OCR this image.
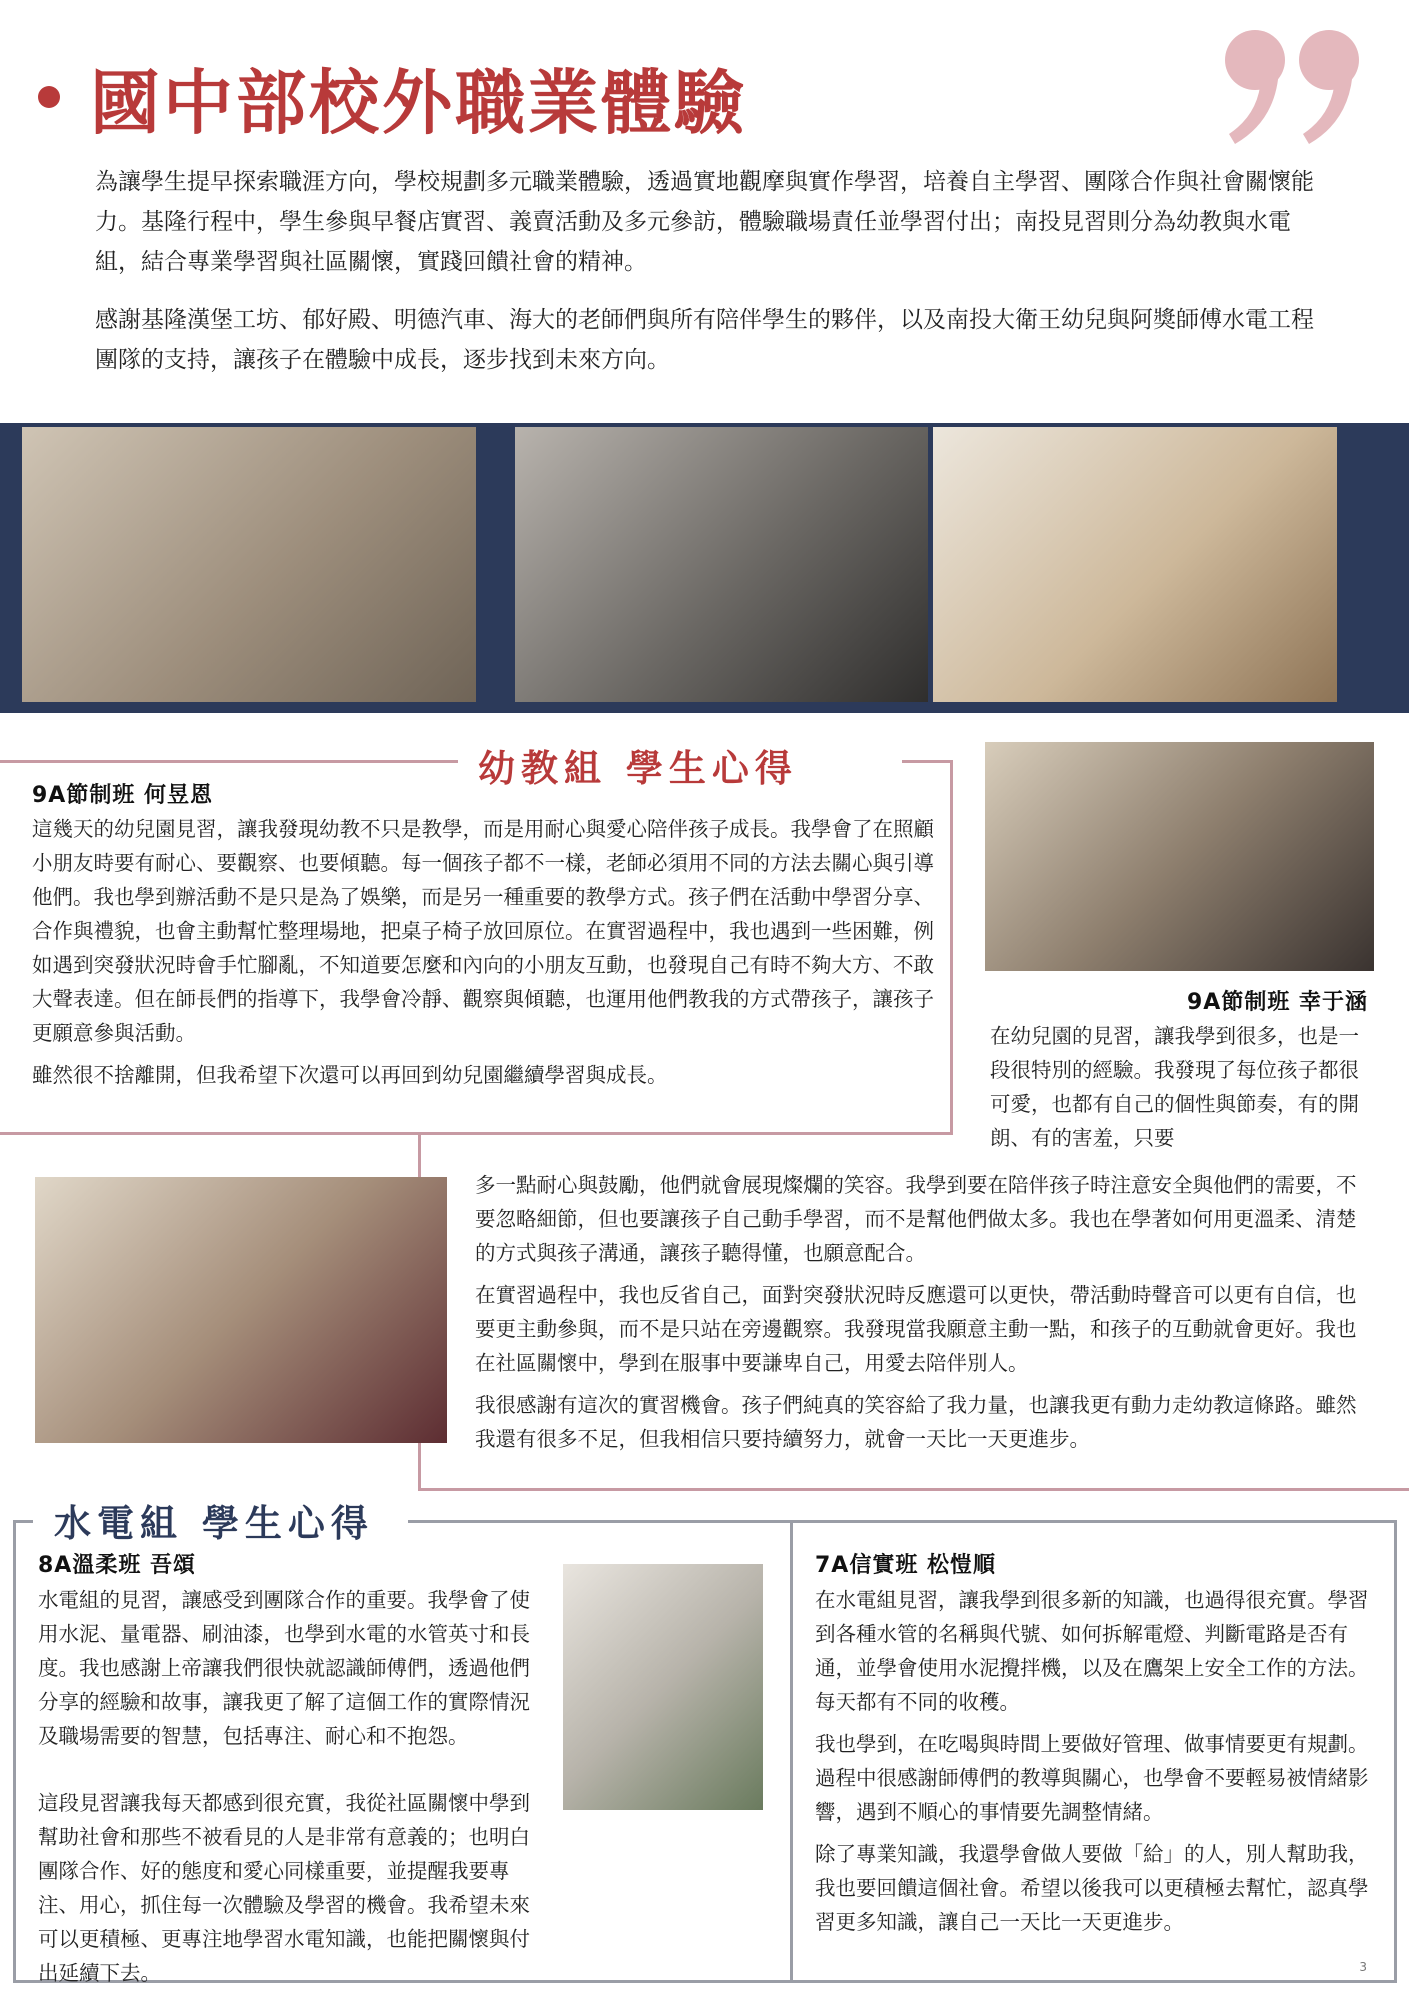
國中部校外職業體驗

為讓學生提早探索職涯方向，學校規劃多元職業體驗，透過實地觀摩與實作學習，培養自主學習、團隊合作與社會關懷能力。基隆行程中，學生參與早餐店實習、義賣活動及多元參訪，體驗職場責任並學習付出；南投見習則分為幼教與水電組，結合專業學習與社區關懷，實踐回饋社會的精神。

感謝基隆漢堡工坊、郁好殿、明德汽車、海大的老師們與所有陪伴學生的夥伴，以及南投大衛王幼兒與阿獎師傅水電工程團隊的支持，讓孩子在體驗中成長，逐步找到未來方向。

幼教組 學生心得
9A節制班 何昱恩

這幾天的幼兒園見習，讓我發現幼教不只是教學，而是用耐心與愛心陪伴孩子成長。我學會了在照顧小朋友時要有耐心、要觀察、也要傾聽。每一個孩子都不一樣，老師必須用不同的方法去關心與引導他們。我也學到辦活動不是只是為了娛樂，而是另一種重要的教學方式。孩子們在活動中學習分享、合作與禮貌，也會主動幫忙整理場地，把桌子椅子放回原位。在實習過程中，我也遇到一些困難，例如遇到突發狀況時會手忙腳亂，不知道要怎麼和內向的小朋友互動，也發現自己有時不夠大方、不敢大聲表達。但在師長們的指導下，我學會冷靜、觀察與傾聽，也運用他們教我的方式帶孩子，讓孩子更願意參與活動。

雖然很不捨離開，但我希望下次還可以再回到幼兒園繼續學習與成長。

9A節制班 幸于涵

在幼兒園的見習，讓我學到很多，也是一段很特別的經驗。我發現了每位孩子都很可愛，也都有自己的個性與節奏，有的開朗、有的害羞，只要

多一點耐心與鼓勵，他們就會展現燦爛的笑容。我學到要在陪伴孩子時注意安全與他們的需要，不要忽略細節，但也要讓孩子自己動手學習，而不是幫他們做太多。我也在學著如何用更溫柔、清楚的方式與孩子溝通，讓孩子聽得懂，也願意配合。

在實習過程中，我也反省自己，面對突發狀況時反應還可以更快，帶活動時聲音可以更有自信，也要更主動參與，而不是只站在旁邊觀察。我發現當我願意主動一點，和孩子的互動就會更好。我也在社區關懷中，學到在服事中要謙卑自己，用愛去陪伴別人。

我很感謝有這次的實習機會。孩子們純真的笑容給了我力量，也讓我更有動力走幼教這條路。雖然我還有很多不足，但我相信只要持續努力，就會一天比一天更進步。

水電組 學生心得
8A溫柔班 吾頌

水電組的見習，讓感受到團隊合作的重要。我學會了使用水泥、量電器、刷油漆，也學到水電的水管英寸和長度。我也感謝上帝讓我們很快就認識師傅們，透過他們分享的經驗和故事，讓我更了解了這個工作的實際情況及職場需要的智慧，包括專注、耐心和不抱怨。

這段見習讓我每天都感到很充實，我從社區關懷中學到幫助社會和那些不被看見的人是非常有意義的；也明白團隊合作、好的態度和愛心同樣重要，並提醒我要專注、用心，抓住每一次體驗及學習的機會。我希望未來可以更積極、更專注地學習水電知識，也能把關懷與付出延續下去。

7A信實班 松愷順

在水電組見習，讓我學到很多新的知識，也過得很充實。學習到各種水管的名稱與代號、如何拆解電燈、判斷電路是否有通，並學會使用水泥攪拌機，以及在鷹架上安全工作的方法。每天都有不同的收穫。

我也學到，在吃喝與時間上要做好管理、做事情要更有規劃。過程中很感謝師傅們的教導與關心，也學會不要輕易被情緒影響，遇到不順心的事情要先調整情緒。

除了專業知識，我還學會做人要做「給」的人，別人幫助我，我也要回饋這個社會。希望以後我可以更積極去幫忙，認真學習更多知識，讓自己一天比一天更進步。

3
